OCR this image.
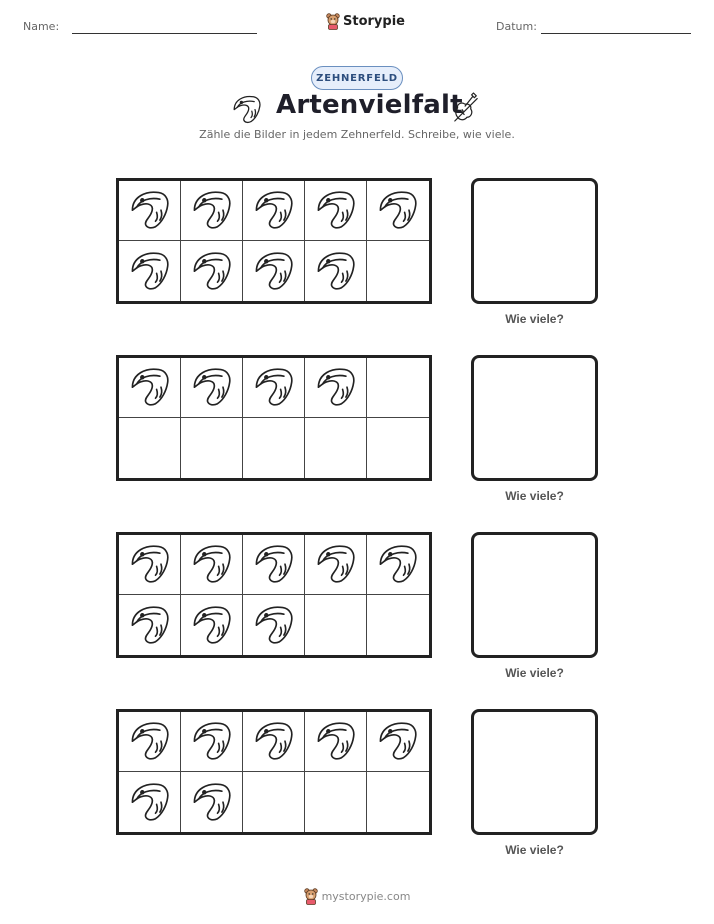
Name:	Storypie	Datum:
ZEHNERFELD
Artenvielfalt
Zähle die Bilder in jedem Zehnerfeld. Schreibe, wie viele.
Wie viele?
Wie viele?
Wie viele?
Wie viele?
mystorypie.com
